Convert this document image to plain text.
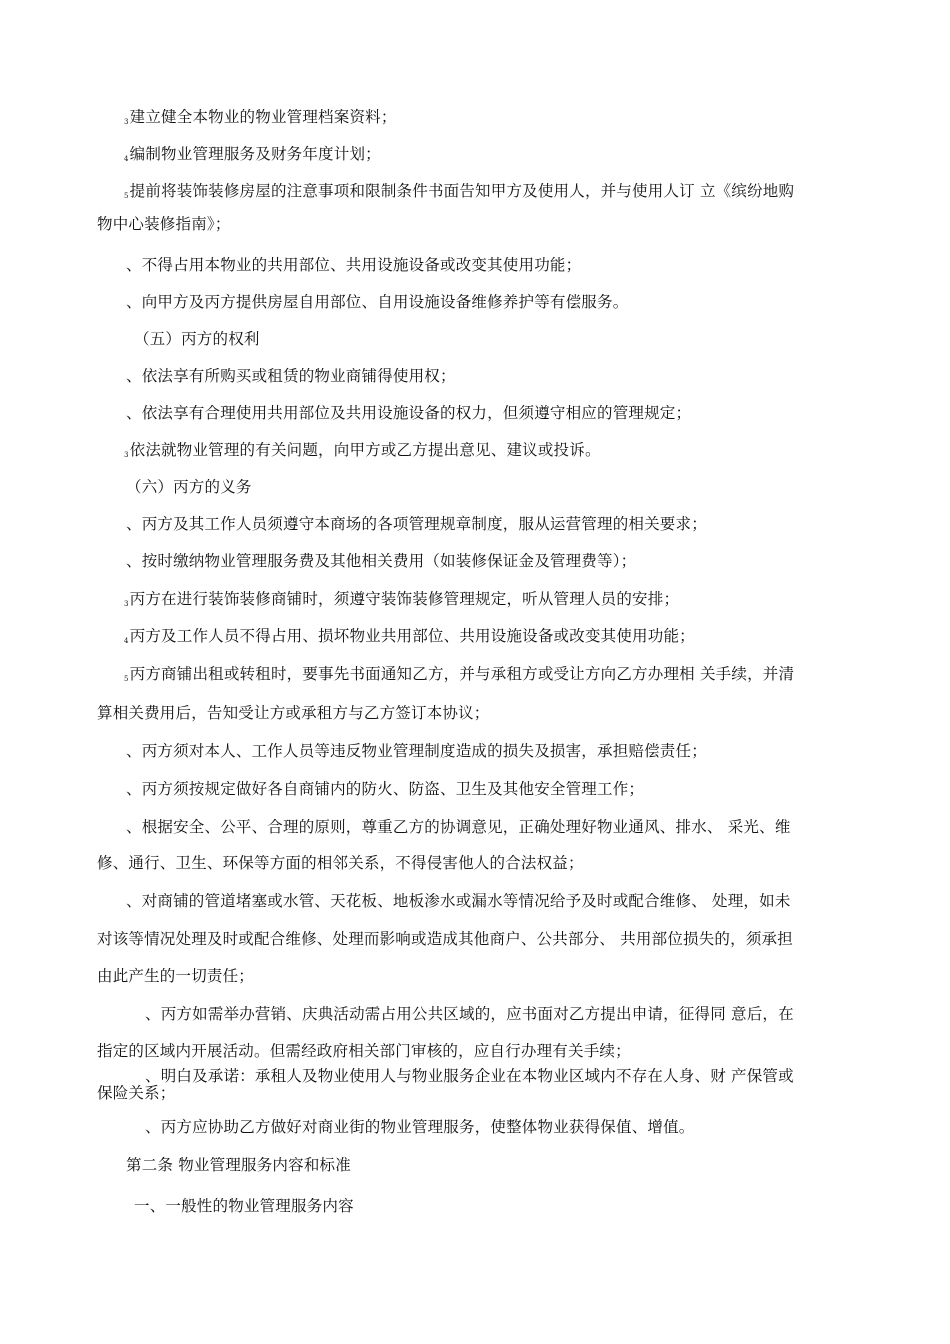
3建立健全本物业的物业管理档案资料；
4编制物业管理服务及财务年度计划；
5提前将装饰装修房屋的注意事项和限制条件书面告知甲方及使用人，并与使用人订 立《缤纷地购
物中心装修指南》；
、不得占用本物业的共用部位、共用设施设备或改变其使用功能；
、向甲方及丙方提供房屋自用部位、自用设施设备维修养护等有偿服务。
（五）丙方的权利
、依法享有所购买或租赁的物业商铺得使用权；
、依法享有合理使用共用部位及共用设施设备的权力，但须遵守相应的管理规定；
3依法就物业管理的有关问题，向甲方或乙方提出意见、建议或投诉。
（六）丙方的义务
、丙方及其工作人员须遵守本商场的各项管理规章制度，服从运营管理的相关要求；
、按时缴纳物业管理服务费及其他相关费用（如装修保证金及管理费等）；
3丙方在进行装饰装修商铺时，须遵守装饰装修管理规定，听从管理人员的安排；
4丙方及工作人员不得占用、损坏物业共用部位、共用设施设备或改变其使用功能；
5丙方商铺出租或转租时，要事先书面通知乙方，并与承租方或受让方向乙方办理相 关手续，并清
算相关费用后，告知受让方或承租方与乙方签订本协议；
、丙方须对本人、工作人员等违反物业管理制度造成的损失及损害，承担赔偿责任；
、丙方须按规定做好各自商铺内的防火、防盗、卫生及其他安全管理工作；
、根据安全、公平、合理的原则，尊重乙方的协调意见，正确处理好物业通风、排水、 采光、维
修、通行、卫生、环保等方面的相邻关系，不得侵害他人的合法权益；
、对商铺的管道堵塞或水管、天花板、地板渗水或漏水等情况给予及时或配合维修、 处理，如未
对该等情况处理及时或配合维修、处理而影响或造成其他商户、公共部分、 共用部位损失的，须承担
由此产生的一切责任；
、丙方如需举办营销、庆典活动需占用公共区域的，应书面对乙方提出申请，征得同 意后，在
指定的区域内开展活动。但需经政府相关部门审核的，应自行办理有关手续；
、明白及承诺：承租人及物业使用人与物业服务企业在本物业区域内不存在人身、财 产保管或
保险关系；
、丙方应协助乙方做好对商业街的物业管理服务，使整体物业获得保值、增值。
第二条 物业管理服务内容和标准
一、一般性的物业管理服务内容
